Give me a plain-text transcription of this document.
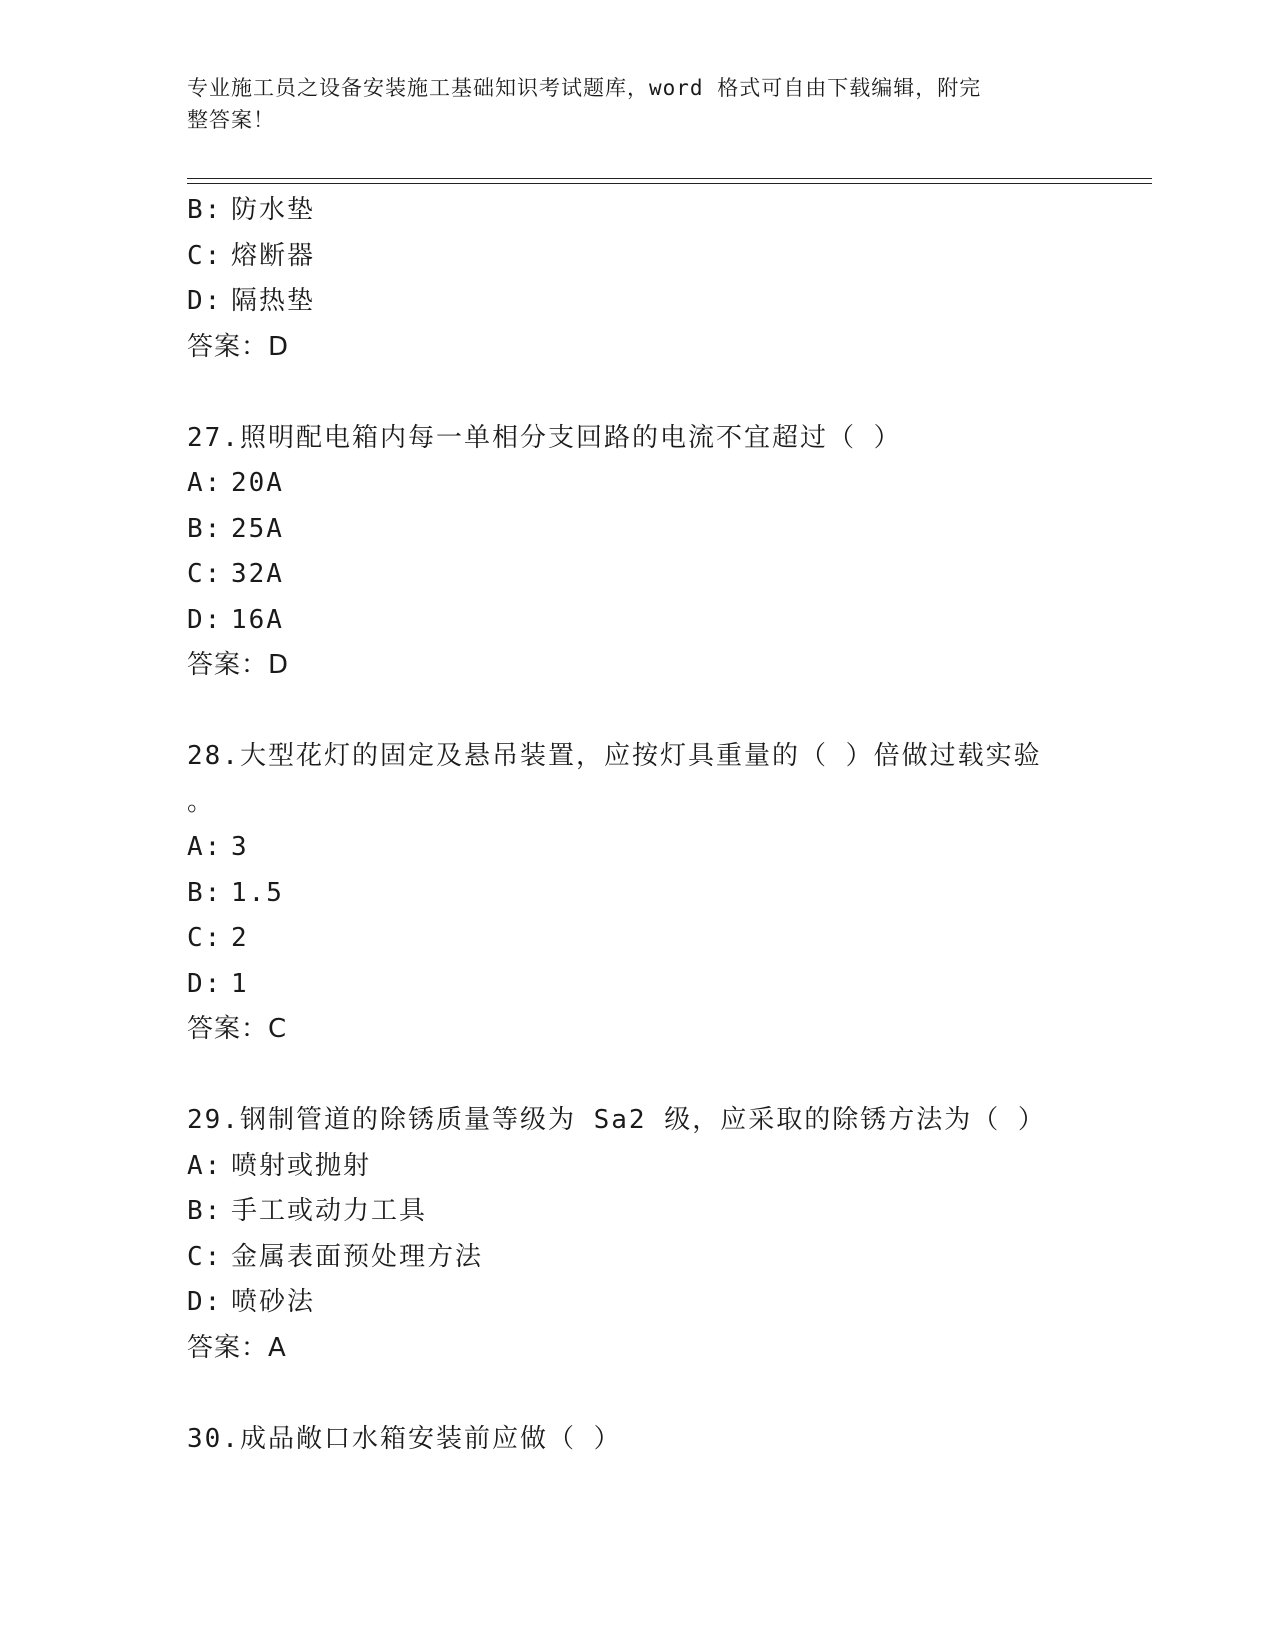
专业施工员之设备安装施工基础知识考试题库，word 格式可自由下载编辑，附完
整答案！
B: 防水垫
C: 熔断器
D: 隔热垫
答案：D
27.照明配电箱内每一单相分支回路的电流不宜超过（ ）
A: 20A
B: 25A
C: 32A
D: 16A
答案：D
28.大型花灯的固定及悬吊装置，应按灯具重量的（ ）倍做过载实验
。
A: 3
B: 1.5
C: 2
D: 1
答案：C
29.钢制管道的除锈质量等级为 Sa2 级，应采取的除锈方法为（ ）
A: 喷射或抛射
B: 手工或动力工具
C: 金属表面预处理方法
D: 喷砂法
答案：A
30.成品敞口水箱安装前应做（ ）
